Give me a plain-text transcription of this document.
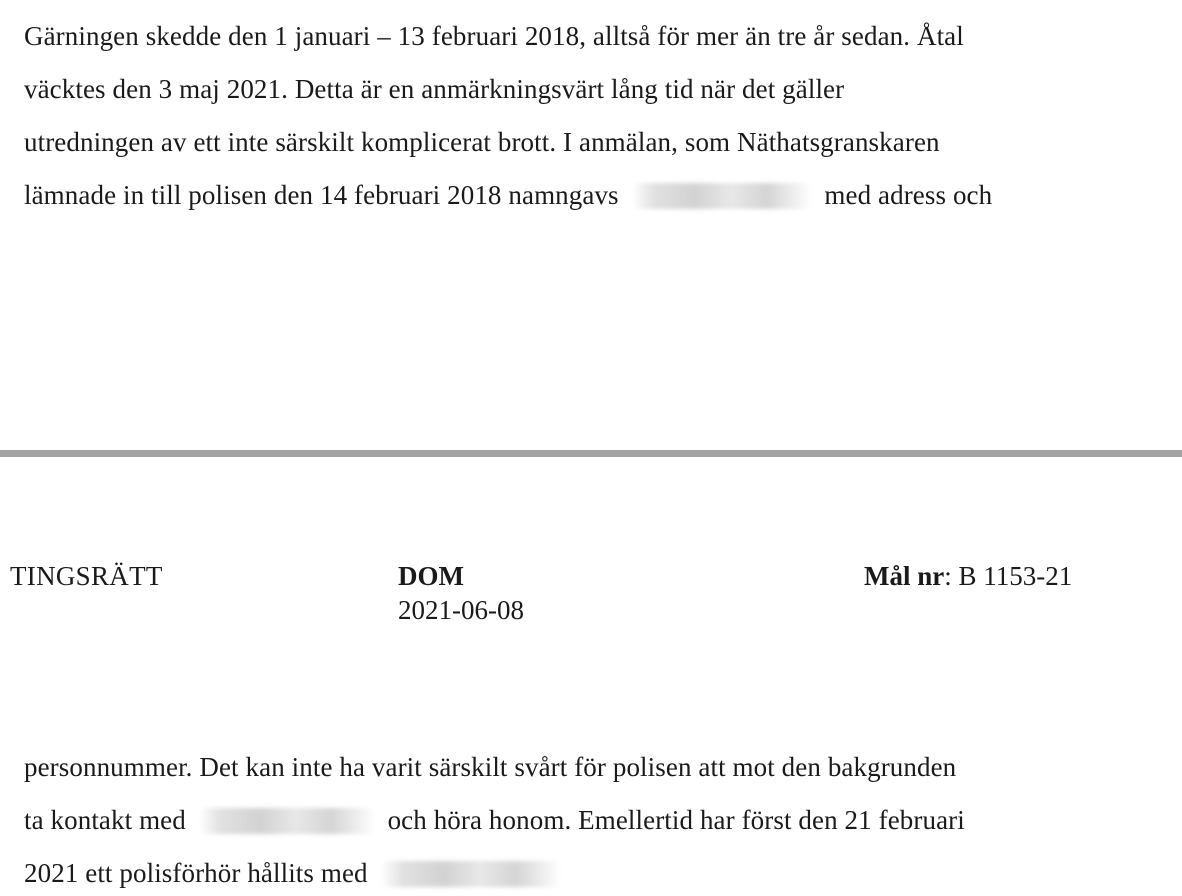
Gärningen skedde den 1 januari – 13 februari 2018, alltså för mer än tre år sedan. Åtal
väcktes den 3 maj 2021. Detta är en anmärkningsvärt lång tid när det gäller
utredningen av ett inte särskilt komplicerat brott. I anmälan, som Näthatsgranskaren
lämnade in till polisen den 14 februari 2018 namngavs	med adress och
TINGSRÄTT	DOM
2021-06-08
Mål nr: B 1153-21
personnummer. Det kan inte ha varit särskilt svårt för polisen att mot den bakgrunden
ta kontakt med	och höra honom. Emellertid har först den 21 februari
2021 ett polisförhör hållits med
